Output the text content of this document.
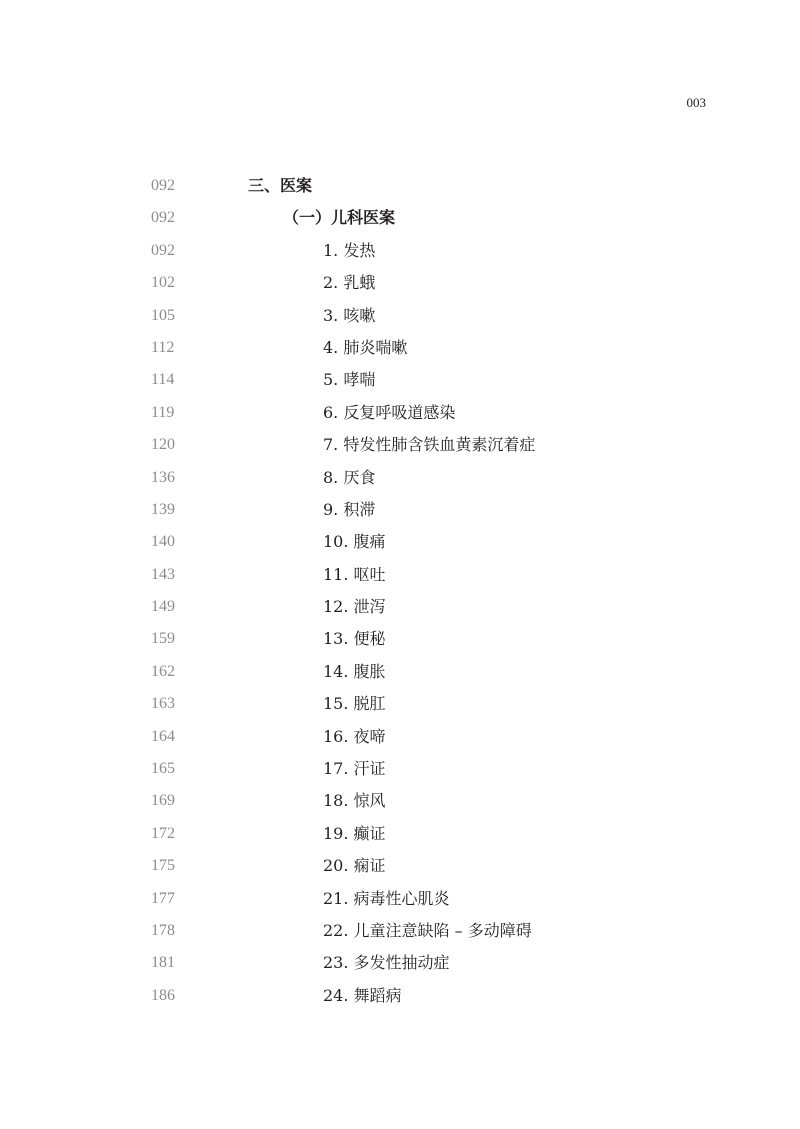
003
092	三、医案
092	（一）儿科医案
092	1. 发热
102	2. 乳蛾
105	3. 咳嗽
112	4. 肺炎喘嗽
114	5. 哮喘
119	6. 反复呼吸道感染
120	7. 特发性肺含铁血黄素沉着症
136	8. 厌食
139	9. 积滞
140	10. 腹痛
143	11. 呕吐
149	12. 泄泻
159	13. 便秘
162	14. 腹胀
163	15. 脱肛
164	16. 夜啼
165	17. 汗证
169	18. 惊风
172	19. 癫证
175	20. 痫证
177	21. 病毒性心肌炎
178	22. 儿童注意缺陷 – 多动障碍
181	23. 多发性抽动症
186	24. 舞蹈病
